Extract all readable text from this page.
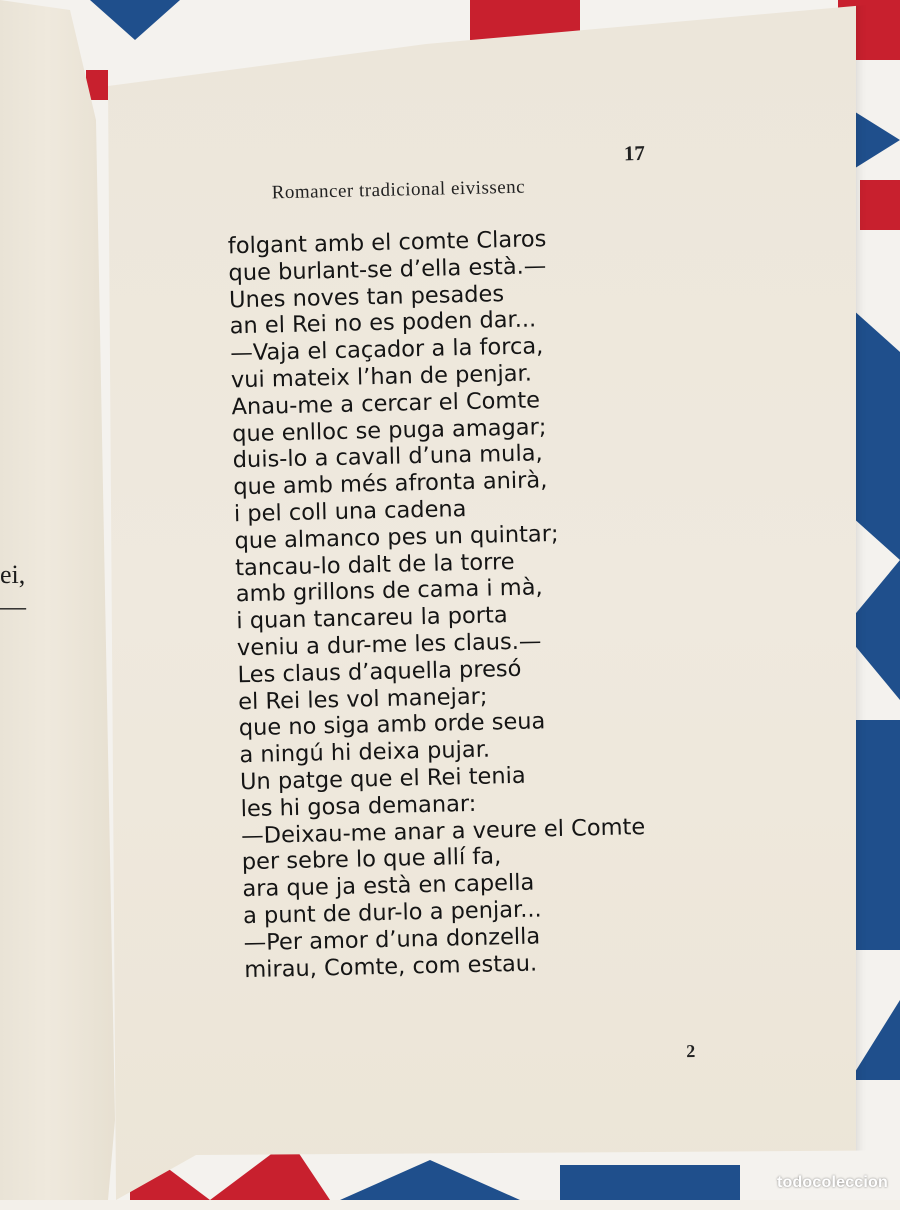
ei,
—
Romancer tradicional eivissenc
17
folgant amb el comte Claros
que burlant-se d’ella està.—
Unes noves tan pesades
an el Rei no es poden dar...
—Vaja el caçador a la forca,
vui mateix l’han de penjar.
Anau-me a cercar el Comte
que enlloc se puga amagar;
duis-lo a cavall d’una mula,
que amb més afronta anirà,
i pel coll una cadena
que almanco pes un quintar;
tancau-lo dalt de la torre
amb grillons de cama i mà,
i quan tancareu la porta
veniu a dur-me les claus.—
Les claus d’aquella presó
el Rei les vol manejar;
que no siga amb orde seua
a ningú hi deixa pujar.
Un patge que el Rei tenia
les hi gosa demanar:
—Deixau-me anar a veure el Comte
per sebre lo que allí fa,
ara que ja està en capella
a punt de dur-lo a penjar...
—Per amor d’una donzella
mirau, Comte, com estau.
2
todocoleccion
